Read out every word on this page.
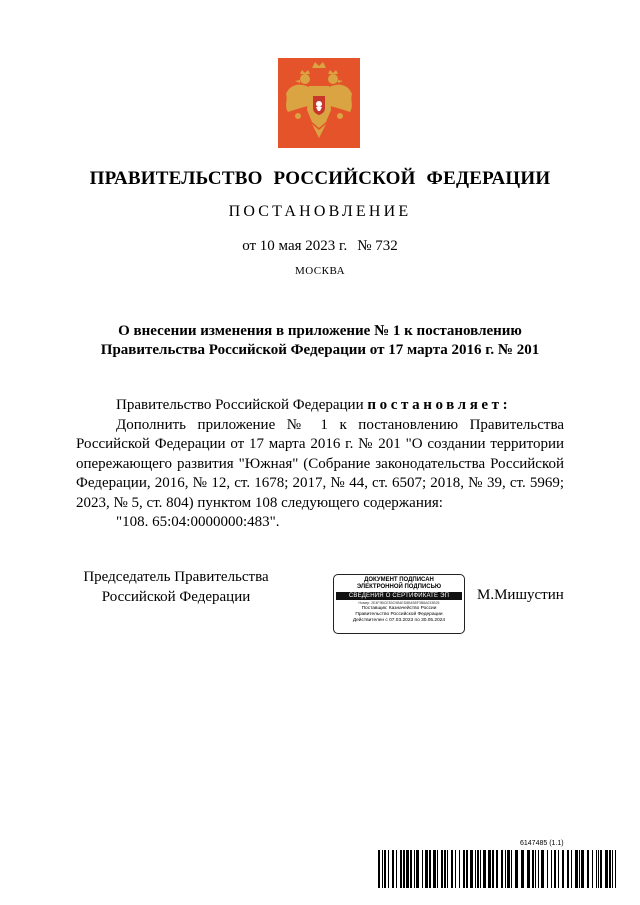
ПРАВИТЕЛЬСТВО РОССИЙСКОЙ ФЕДЕРАЦИИ
ПОСТАНОВЛЕНИЕ
от 10 мая 2023 г. № 732
МОСКВА
О внесении изменения в приложение № 1 к постановлению
Правительства Российской Федерации от 17 марта 2016 г. № 201

Правительство Российской Федерации постановляет:

Дополнить приложение № 1 к постановлению Правительства Российской Федерации от 17 марта 2016 г. № 201 "О создании территории опережающего развития "Южная" (Собрание законодательства Российской Федерации, 2016, № 12, ст. 1678; 2017, № 44, ст. 6507; 2018, № 39, ст. 5969; 2023, № 5, ст. 804) пунктом 108 следующего содержания:

"108. 65:04:0000000:483".

Председатель Правительства
Российской Федерации
ДОКУМЕНТ ПОДПИСАН
ЭЛЕКТРОННОЙ ПОДПИСЬЮ
СВЕДЕНИЯ О СЕРТИФИКАТЕ ЭП
Номер: 2E4F9BCE53C9B4ED8B4B5F3B8A033B25
Поставщик: Казначейство России
Правительство Российской Федерации
Действителен с 07.03.2023 по 30.05.2024
М.Мишустин
6147485 (1.1)
